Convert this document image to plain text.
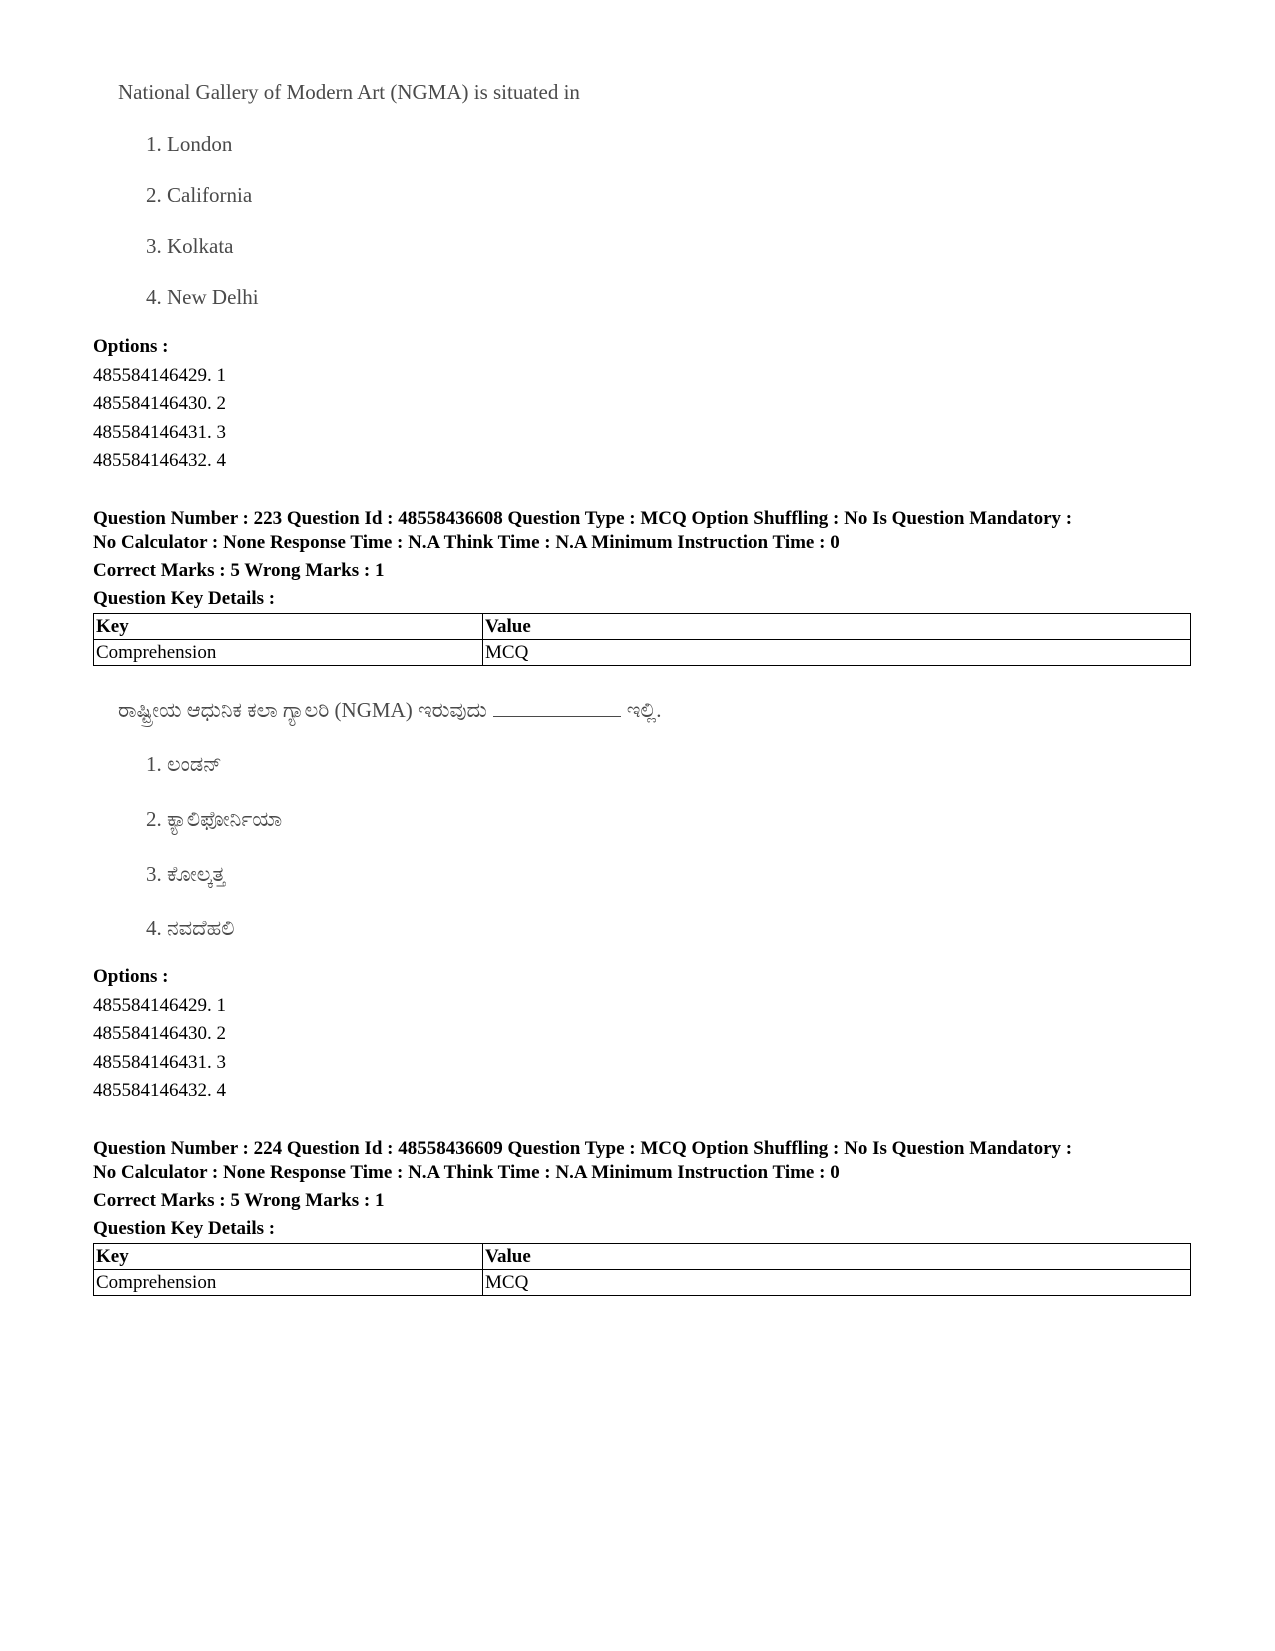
National Gallery of Modern Art (NGMA) is situated in
1. London
2. California
3. Kolkata
4. New Delhi
Options :
485584146429. 1
485584146430. 2
485584146431. 3
485584146432. 4
Question Number : 223 Question Id : 48558436608 Question Type : MCQ Option Shuffling : No Is Question Mandatory :
No Calculator : None Response Time : N.A Think Time : N.A Minimum Instruction Time : 0
Correct Marks : 5 Wrong Marks : 1
Question Key Details :
Key	Value
Comprehension	MCQ
ರಾಷ್ಟ್ರೀಯ ಆಧುನಿಕ ಕಲಾ ಗ್ಯಾಲರಿ (NGMA) ಇರುವುದು	ಇಲ್ಲಿ.
1. ಲಂಡನ್
2. ಕ್ಯಾಲಿಫೋರ್ನಿಯಾ
3. ಕೋಲ್ಕತ್ತ
4. ನವದೆಹಲಿ
Options :
485584146429. 1
485584146430. 2
485584146431. 3
485584146432. 4
Question Number : 224 Question Id : 48558436609 Question Type : MCQ Option Shuffling : No Is Question Mandatory :
No Calculator : None Response Time : N.A Think Time : N.A Minimum Instruction Time : 0
Correct Marks : 5 Wrong Marks : 1
Question Key Details :
Key	Value
Comprehension	MCQ
